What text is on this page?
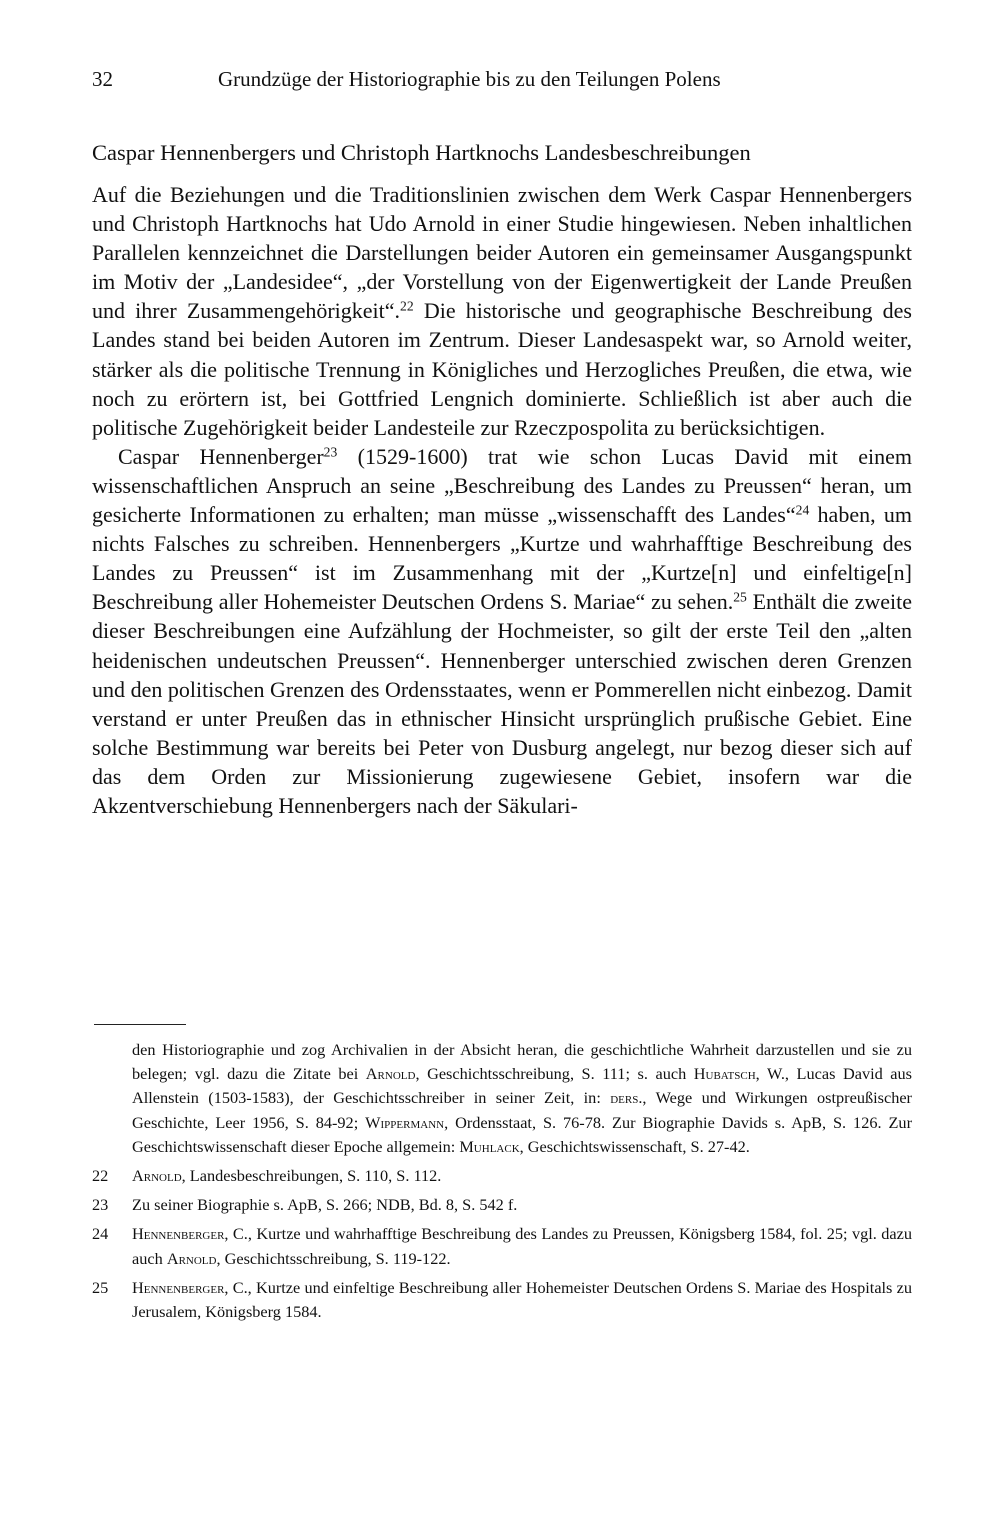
32	Grundzüge der Historiographie bis zu den Teilungen Polens
Caspar Hennenbergers und Christoph Hartknochs Landesbeschreibungen

Auf die Beziehungen und die Traditionslinien zwischen dem Werk Caspar Hennenbergers und Christoph Hartknochs hat Udo Arnold in einer Studie hingewiesen. Neben inhaltlichen Parallelen kennzeichnet die Darstellungen beider Autoren ein gemeinsamer Ausgangspunkt im Motiv der „Landesidee“, „der Vorstellung von der Eigenwertigkeit der Lande Preußen und ihrer Zusammengehörigkeit“.$^{22}$ Die historische und geographische Beschreibung des Landes stand bei beiden Autoren im Zentrum. Dieser Landesaspekt war, so Arnold weiter, stärker als die politische Trennung in Königliches und Herzogliches Preußen, die etwa, wie noch zu erörtern ist, bei Gottfried Lengnich dominierte. Schließlich ist aber auch die politische Zugehörigkeit beider Landesteile zur Rzeczpospolita zu berücksichtigen.

Caspar Hennenberger$^{23}$ (1529-1600) trat wie schon Lucas David mit einem wissenschaftlichen Anspruch an seine „Beschreibung des Landes zu Preussen“ heran, um gesicherte Informationen zu erhalten; man müsse „wissenschafft des Landes“$^{24}$ haben, um nichts Falsches zu schreiben. Hennenbergers „Kurtze und wahrhafftige Beschreibung des Landes zu Preussen“ ist im Zusammenhang mit der „Kurtze[n] und einfeltige[n] Beschreibung aller Hohemeister Deutschen Ordens S. Mariae“ zu sehen.$^{25}$ Enthält die zweite dieser Beschreibungen eine Aufzählung der Hochmeister, so gilt der erste Teil den „alten heidenischen undeutschen Preussen“. Hennenberger unterschied zwischen deren Grenzen und den politischen Grenzen des Ordensstaates, wenn er Pommerellen nicht einbezog. Damit verstand er unter Preußen das in ethnischer Hinsicht ursprünglich prußische Gebiet. Eine solche Bestimmung war bereits bei Peter von Dusburg angelegt, nur bezog dieser sich auf das dem Orden zur Missionierung zugewiesene Gebiet, insofern war die Akzentverschiebung Hennenbergers nach der Säkulari-

den Historiographie und zog Archivalien in der Absicht heran, die geschichtliche Wahrheit darzustellen und sie zu belegen; vgl. dazu die Zitate bei Arnold, Geschichtsschreibung, S. 111; s. auch Hubatsch, W., Lucas David aus Allenstein (1503-1583), der Geschichtsschreiber in seiner Zeit, in: ders., Wege und Wirkungen ostpreußischer Geschichte, Leer 1956, S. 84-92; Wippermann, Ordensstaat, S. 76-78. Zur Biographie Davids s. ApB, S. 126. Zur Geschichtswissenschaft dieser Epoche allgemein: Muhlack, Geschichtswissenschaft, S. 27-42.

22 Arnold, Landesbeschreibungen, S. 110, S. 112.
23 Zu seiner Biographie s. ApB, S. 266; NDB, Bd. 8, S. 542 f.
24 Hennenberger, C., Kurtze und wahrhafftige Beschreibung des Landes zu Preussen, Königsberg 1584, fol. 25; vgl. dazu auch Arnold, Geschichtsschreibung, S. 119-122.
25 Hennenberger, C., Kurtze und einfeltige Beschreibung aller Hohemeister Deutschen Ordens S. Mariae des Hospitals zu Jerusalem, Königsberg 1584.
